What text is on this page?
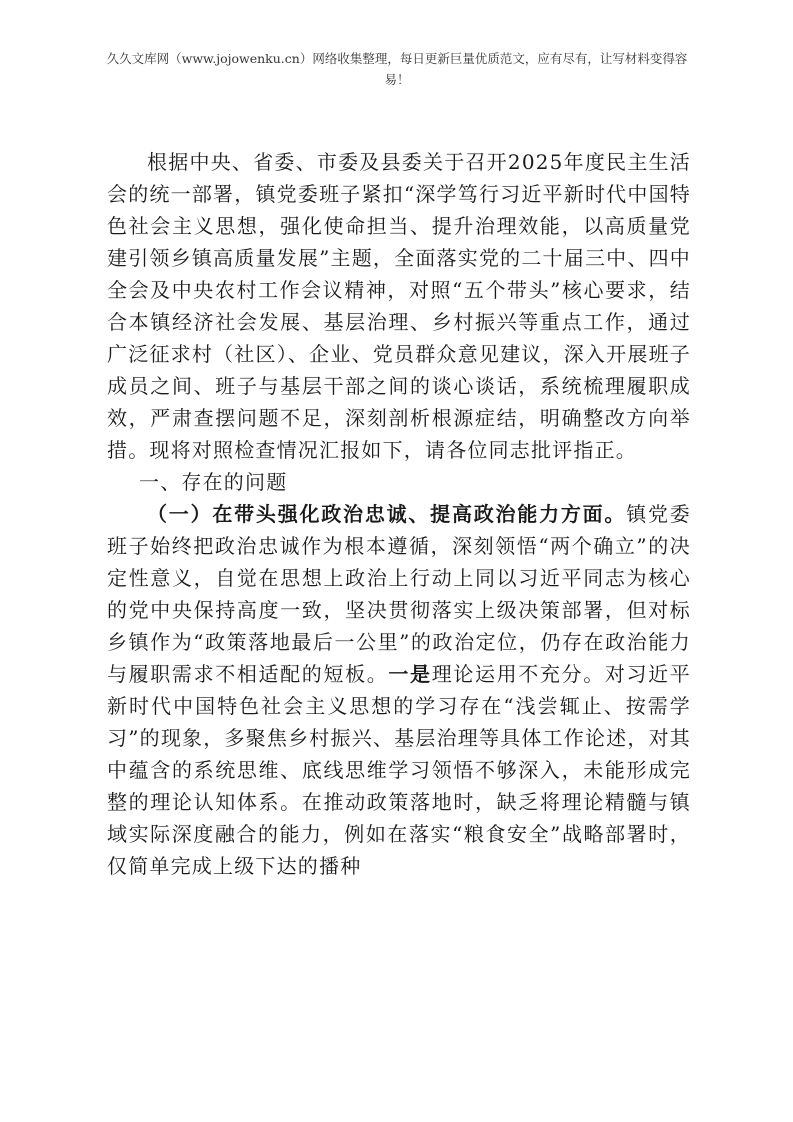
久久文库网（www.jojowenku.cn）网络收集整理，每日更新巨量优质范文，应有尽有，让写材料变得容易！

根据中央、省委、市委及县委关于召开2025年度民主生活会的统一部署，镇党委班子紧扣“深学笃行习近平新时代中国特色社会主义思想，强化使命担当、提升治理效能，以高质量党建引领乡镇高质量发展”主题，全面落实党的二十届三中、四中全会及中央农村工作会议精神，对照“五个带头”核心要求，结合本镇经济社会发展、基层治理、乡村振兴等重点工作，通过广泛征求村（社区）、企业、党员群众意见建议，深入开展班子成员之间、班子与基层干部之间的谈心谈话，系统梳理履职成效，严肃查摆问题不足，深刻剖析根源症结，明确整改方向举措。现将对照检查情况汇报如下，请各位同志批评指正。

一、存在的问题

（一）在带头强化政治忠诚、提高政治能力方面。镇党委班子始终把政治忠诚作为根本遵循，深刻领悟“两个确立”的决定性意义，自觉在思想上政治上行动上同以习近平同志为核心的党中央保持高度一致，坚决贯彻落实上级决策部署，但对标乡镇作为“政策落地最后一公里”的政治定位，仍存在政治能力与履职需求不相适配的短板。一是理论运用不充分。对习近平新时代中国特色社会主义思想的学习存在“浅尝辄止、按需学习”的现象，多聚焦乡村振兴、基层治理等具体工作论述，对其中蕴含的系统思维、底线思维学习领悟不够深入，未能形成完整的理论认知体系。在推动政策落地时，缺乏将理论精髓与镇域实际深度融合的能力，例如在落实“粮食安全”战略部署时，仅简单完成上级下达的播种
